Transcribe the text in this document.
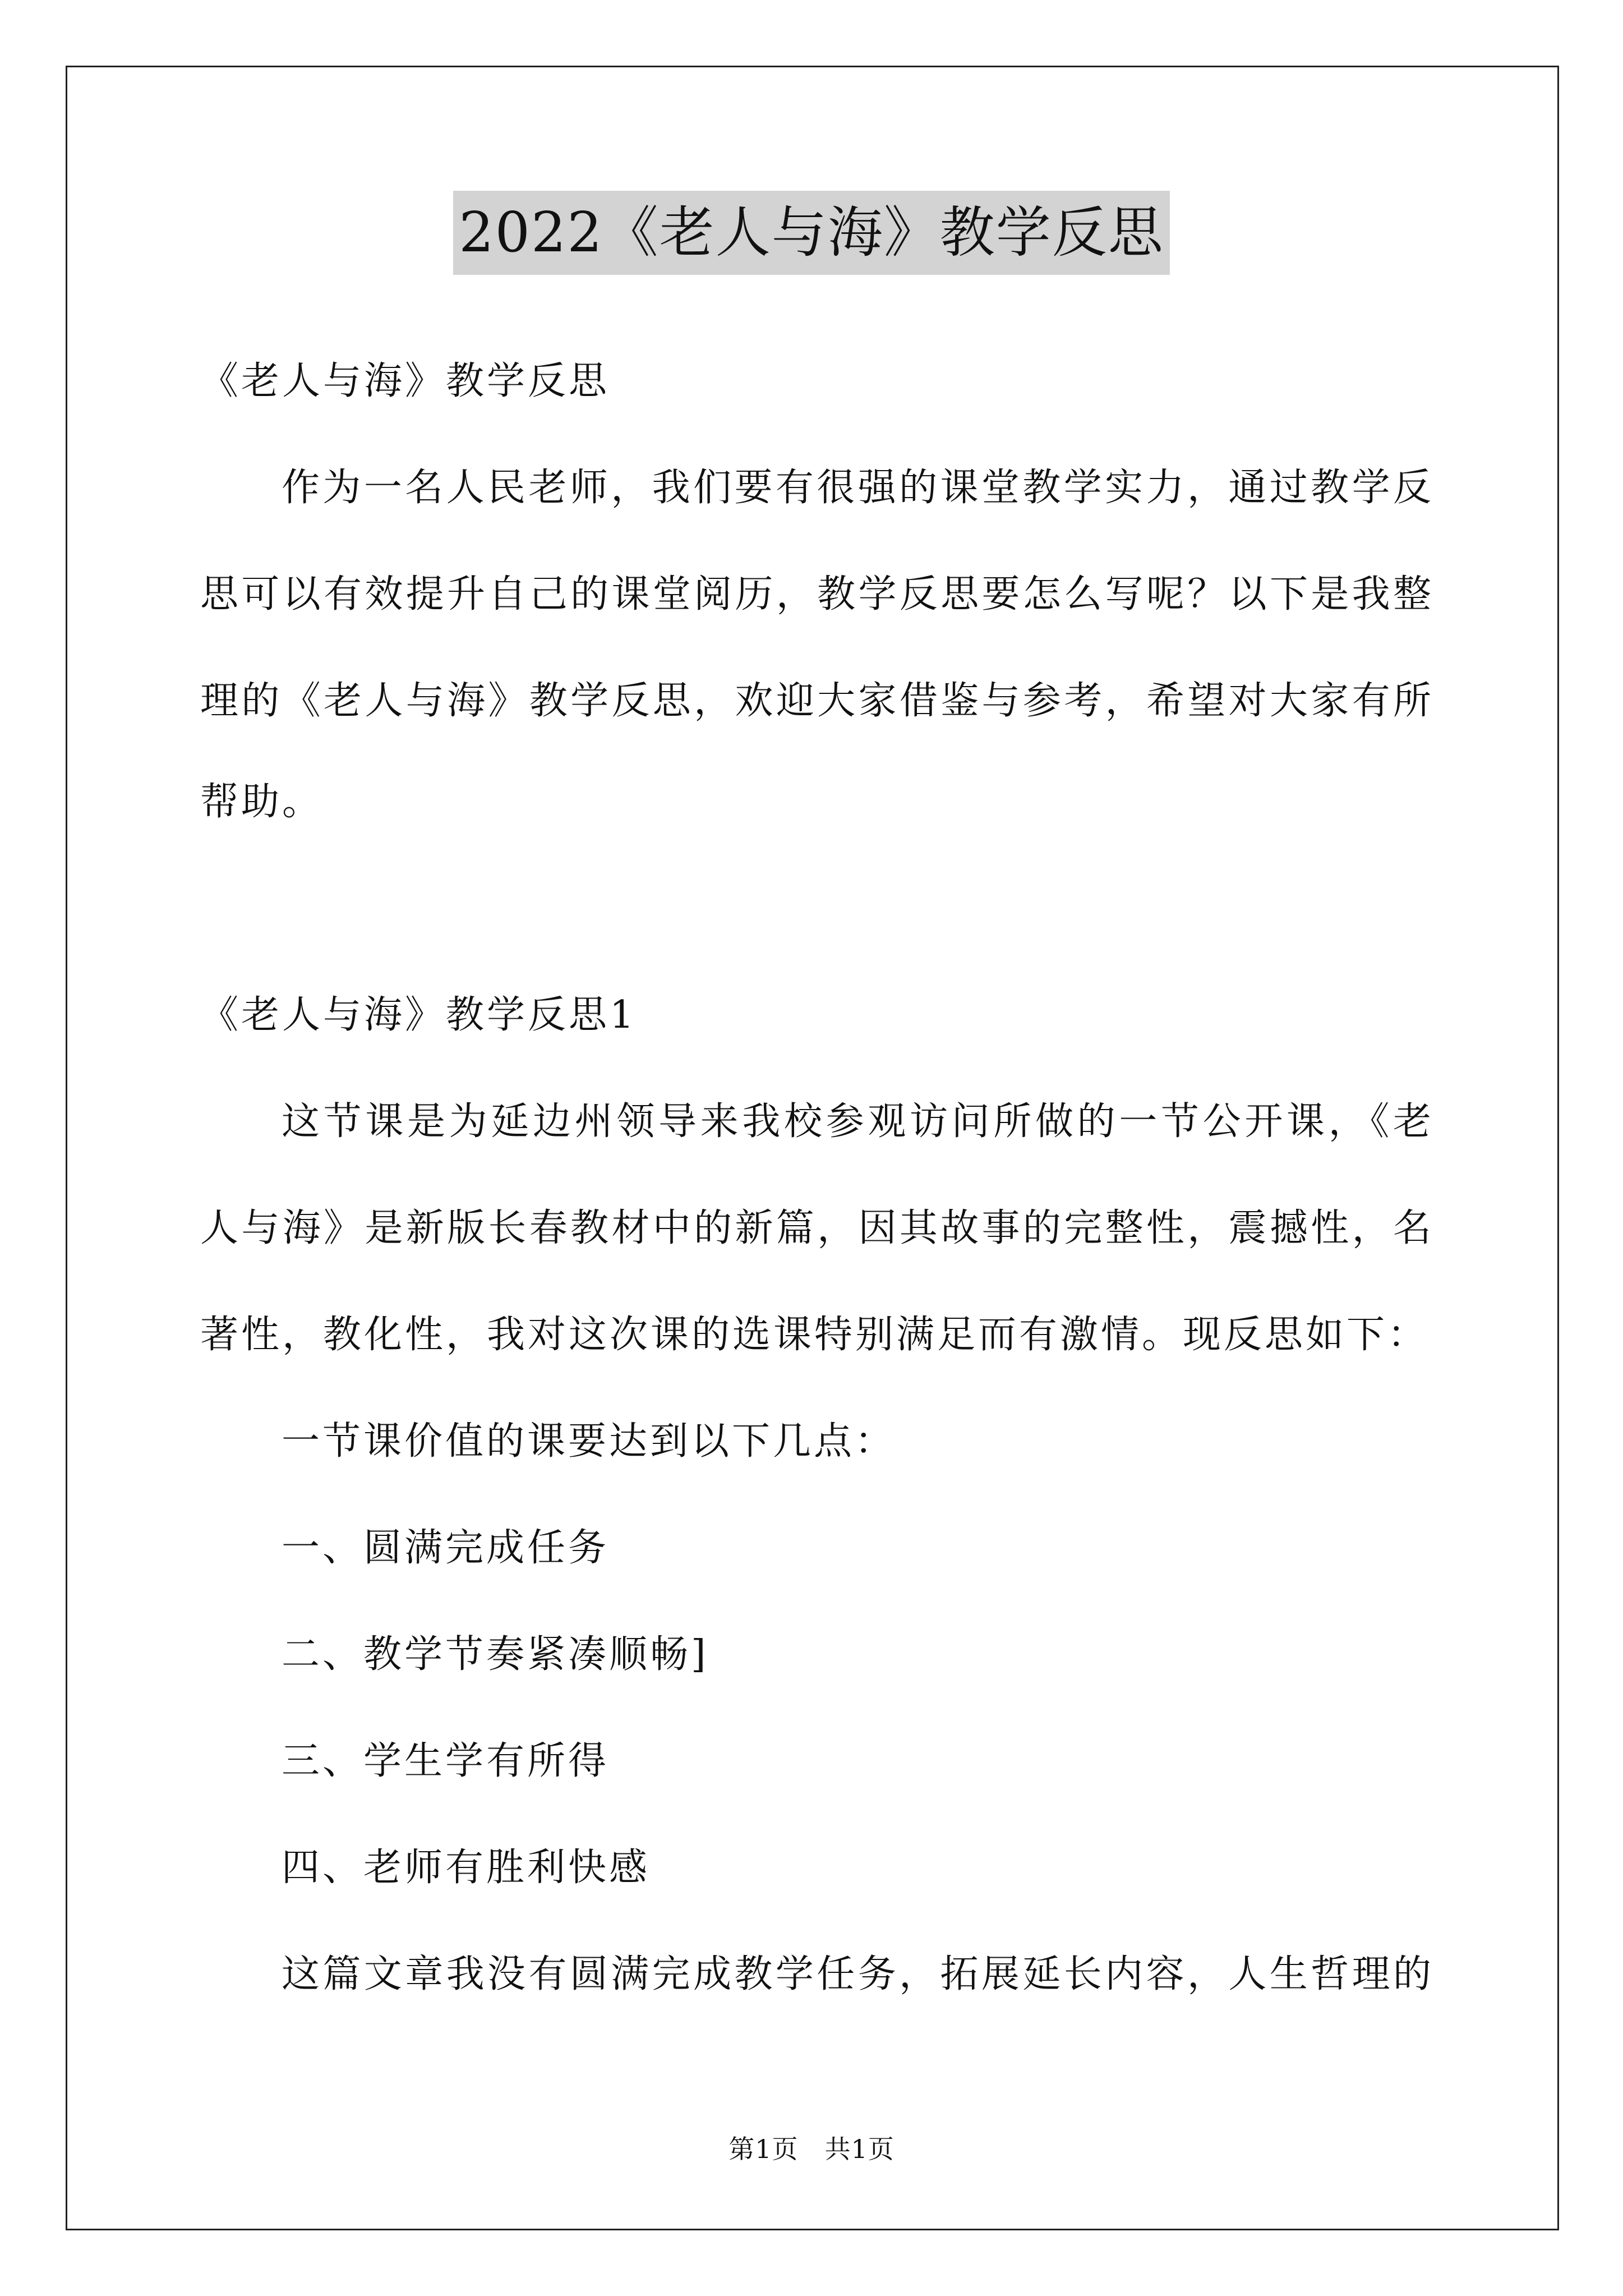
2022《老人与海》教学反思
《老人与海》教学反思
作为一名人民老师，我们要有很强的课堂教学实力，通过教学反
思可以有效提升自己的课堂阅历，教学反思要怎么写呢？以下是我整
理的《老人与海》教学反思，欢迎大家借鉴与参考，希望对大家有所
帮助。
《老人与海》教学反思1
这节课是为延边州领导来我校参观访问所做的一节公开课，《老
人与海》是新版长春教材中的新篇，因其故事的完整性，震撼性，名
著性，教化性，我对这次课的选课特别满足而有激情。现反思如下：
一节课价值的课要达到以下几点：
一、圆满完成任务
二、教学节奏紧凑顺畅]
三、学生学有所得
四、老师有胜利快感
这篇文章我没有圆满完成教学任务，拓展延长内容，人生哲理的
第1页　共1页
